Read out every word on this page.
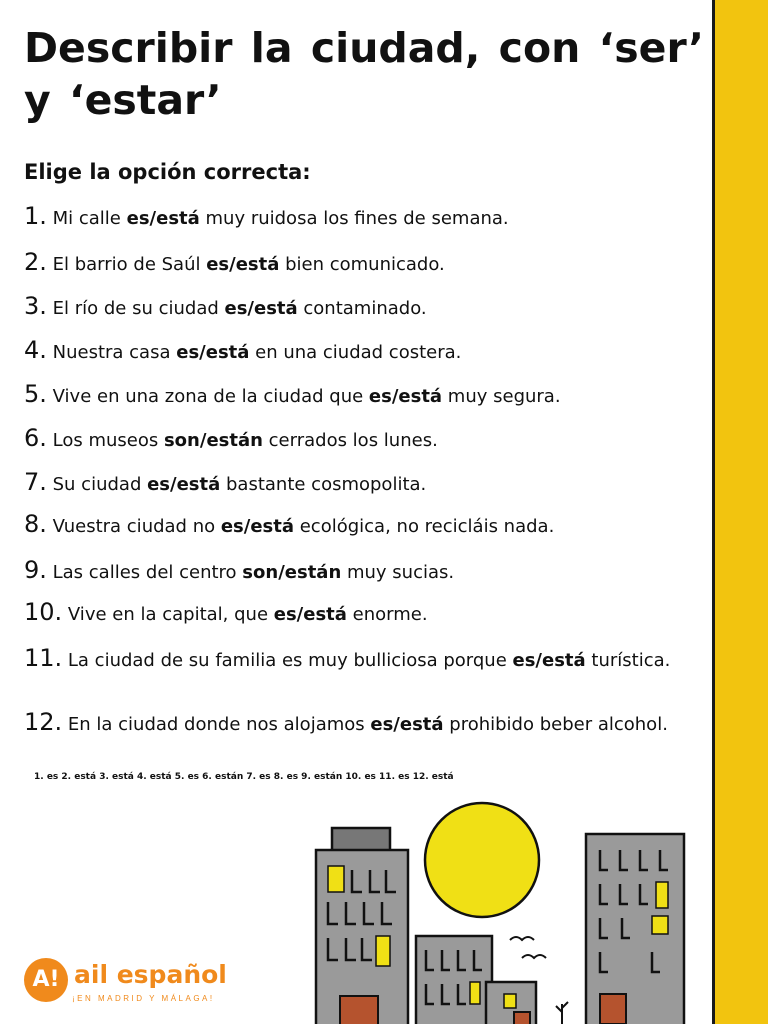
Describir la ciudad, con ‘ser’ y ‘estar’
Elige la opción correcta:
1. Mi calle es/está muy ruidosa los fines de semana.
2. El barrio de Saúl es/está bien comunicado.
3. El río de su ciudad es/está contaminado.
4. Nuestra casa es/está en una ciudad costera.
5. Vive en una zona de la ciudad que es/está muy segura.
6. Los museos son/están cerrados los lunes.
7. Su ciudad es/está bastante cosmopolita.
8. Vuestra ciudad no es/está ecológica, no recicláis nada.
9. Las calles del centro son/están muy sucias.
10. Vive en la capital, que es/está enorme.
11. La ciudad de su familia es muy bulliciosa porque es/está turística.
12. En la ciudad donde nos alojamos es/está prohibido beber alcohol.
1. es 2. está 3. está 4. está 5. es 6. están 7. es 8. es 9. están 10. es 11. es 12. está
A! ail español
¡EN MADRID Y MÁLAGA!
